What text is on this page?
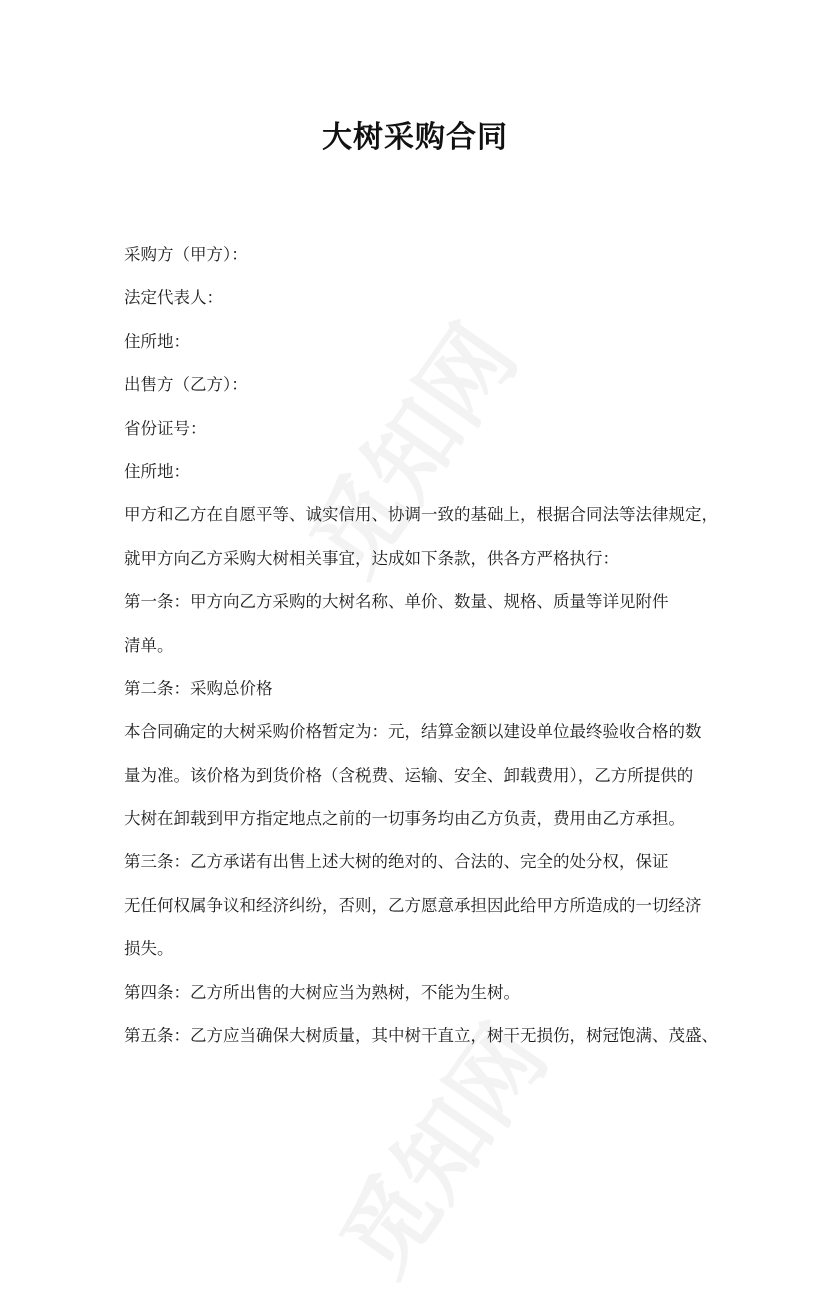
大树采购合同
采购方（甲方）：
法定代表人：
住所地：
出售方（乙方）：
省份证号：
住所地：
甲方和乙方在自愿平等、诚实信用、协调一致的基础上，根据合同法等法律规定，
就甲方向乙方采购大树相关事宜，达成如下条款，供各方严格执行：
第一条：甲方向乙方采购的大树名称、单价、数量、规格、质量等详见附件
清单。
第二条：采购总价格
本合同确定的大树采购价格暂定为：元，结算金额以建设单位最终验收合格的数
量为准。该价格为到货价格（含税费、运输、安全、卸载费用），乙方所提供的
大树在卸载到甲方指定地点之前的一切事务均由乙方负责，费用由乙方承担。
第三条：乙方承诺有出售上述大树的绝对的、合法的、完全的处分权，保证
无任何权属争议和经济纠纷，否则，乙方愿意承担因此给甲方所造成的一切经济
损失。
第四条：乙方所出售的大树应当为熟树，不能为生树。
第五条：乙方应当确保大树质量，其中树干直立，树干无损伤，树冠饱满、茂盛、
